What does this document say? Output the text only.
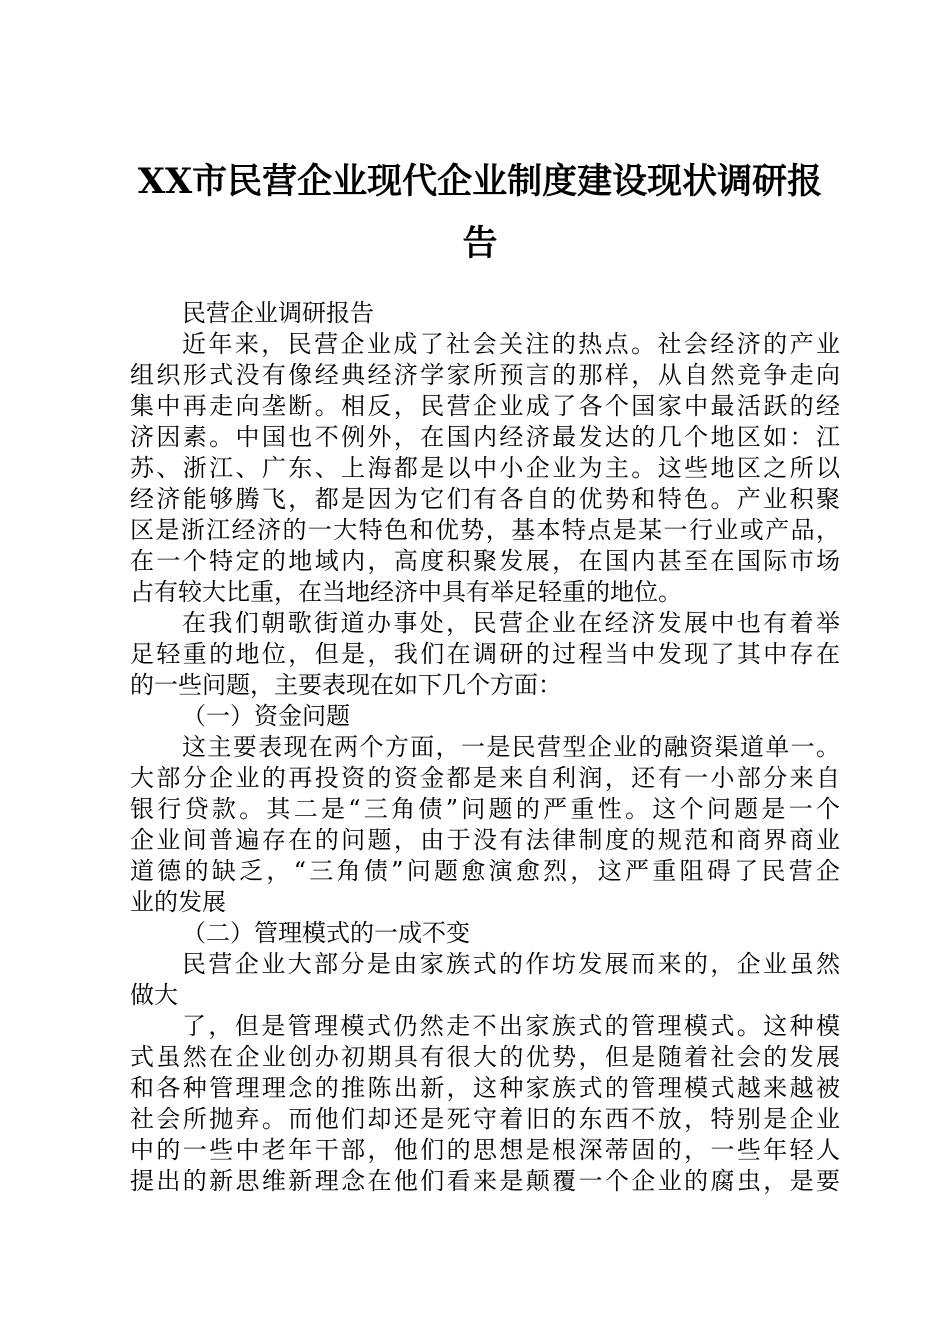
XX市民营企业现代企业制度建设现状调研报
告
民营企业调研报告
近年来，民营企业成了社会关注的热点。社会经济的产业
组织形式没有像经典经济学家所预言的那样，从自然竞争走向
集中再走向垄断。相反，民营企业成了各个国家中最活跃的经
济因素。中国也不例外，在国内经济最发达的几个地区如：江
苏、浙江、广东、上海都是以中小企业为主。这些地区之所以
经济能够腾飞，都是因为它们有各自的优势和特色。产业积聚
区是浙江经济的一大特色和优势，基本特点是某一行业或产品，
在一个特定的地域内，高度积聚发展，在国内甚至在国际市场
占有较大比重，在当地经济中具有举足轻重的地位。
在我们朝歌街道办事处，民营企业在经济发展中也有着举
足轻重的地位，但是，我们在调研的过程当中发现了其中存在
的一些问题，主要表现在如下几个方面：
（一）资金问题
这主要表现在两个方面，一是民营型企业的融资渠道单一。
大部分企业的再投资的资金都是来自利润，还有一小部分来自
银行贷款。其二是“三角债”问题的严重性。这个问题是一个
企业间普遍存在的问题，由于没有法律制度的规范和商界商业
道德的缺乏，“三角债”问题愈演愈烈，这严重阻碍了民营企
业的发展
（二）管理模式的一成不变
民营企业大部分是由家族式的作坊发展而来的，企业虽然
做大
了，但是管理模式仍然走不出家族式的管理模式。这种模
式虽然在企业创办初期具有很大的优势，但是随着社会的发展
和各种管理理念的推陈出新，这种家族式的管理模式越来越被
社会所抛弃。而他们却还是死守着旧的东西不放，特别是企业
中的一些中老年干部，他们的思想是根深蒂固的，一些年轻人
提出的新思维新理念在他们看来是颠覆一个企业的腐虫，是要
